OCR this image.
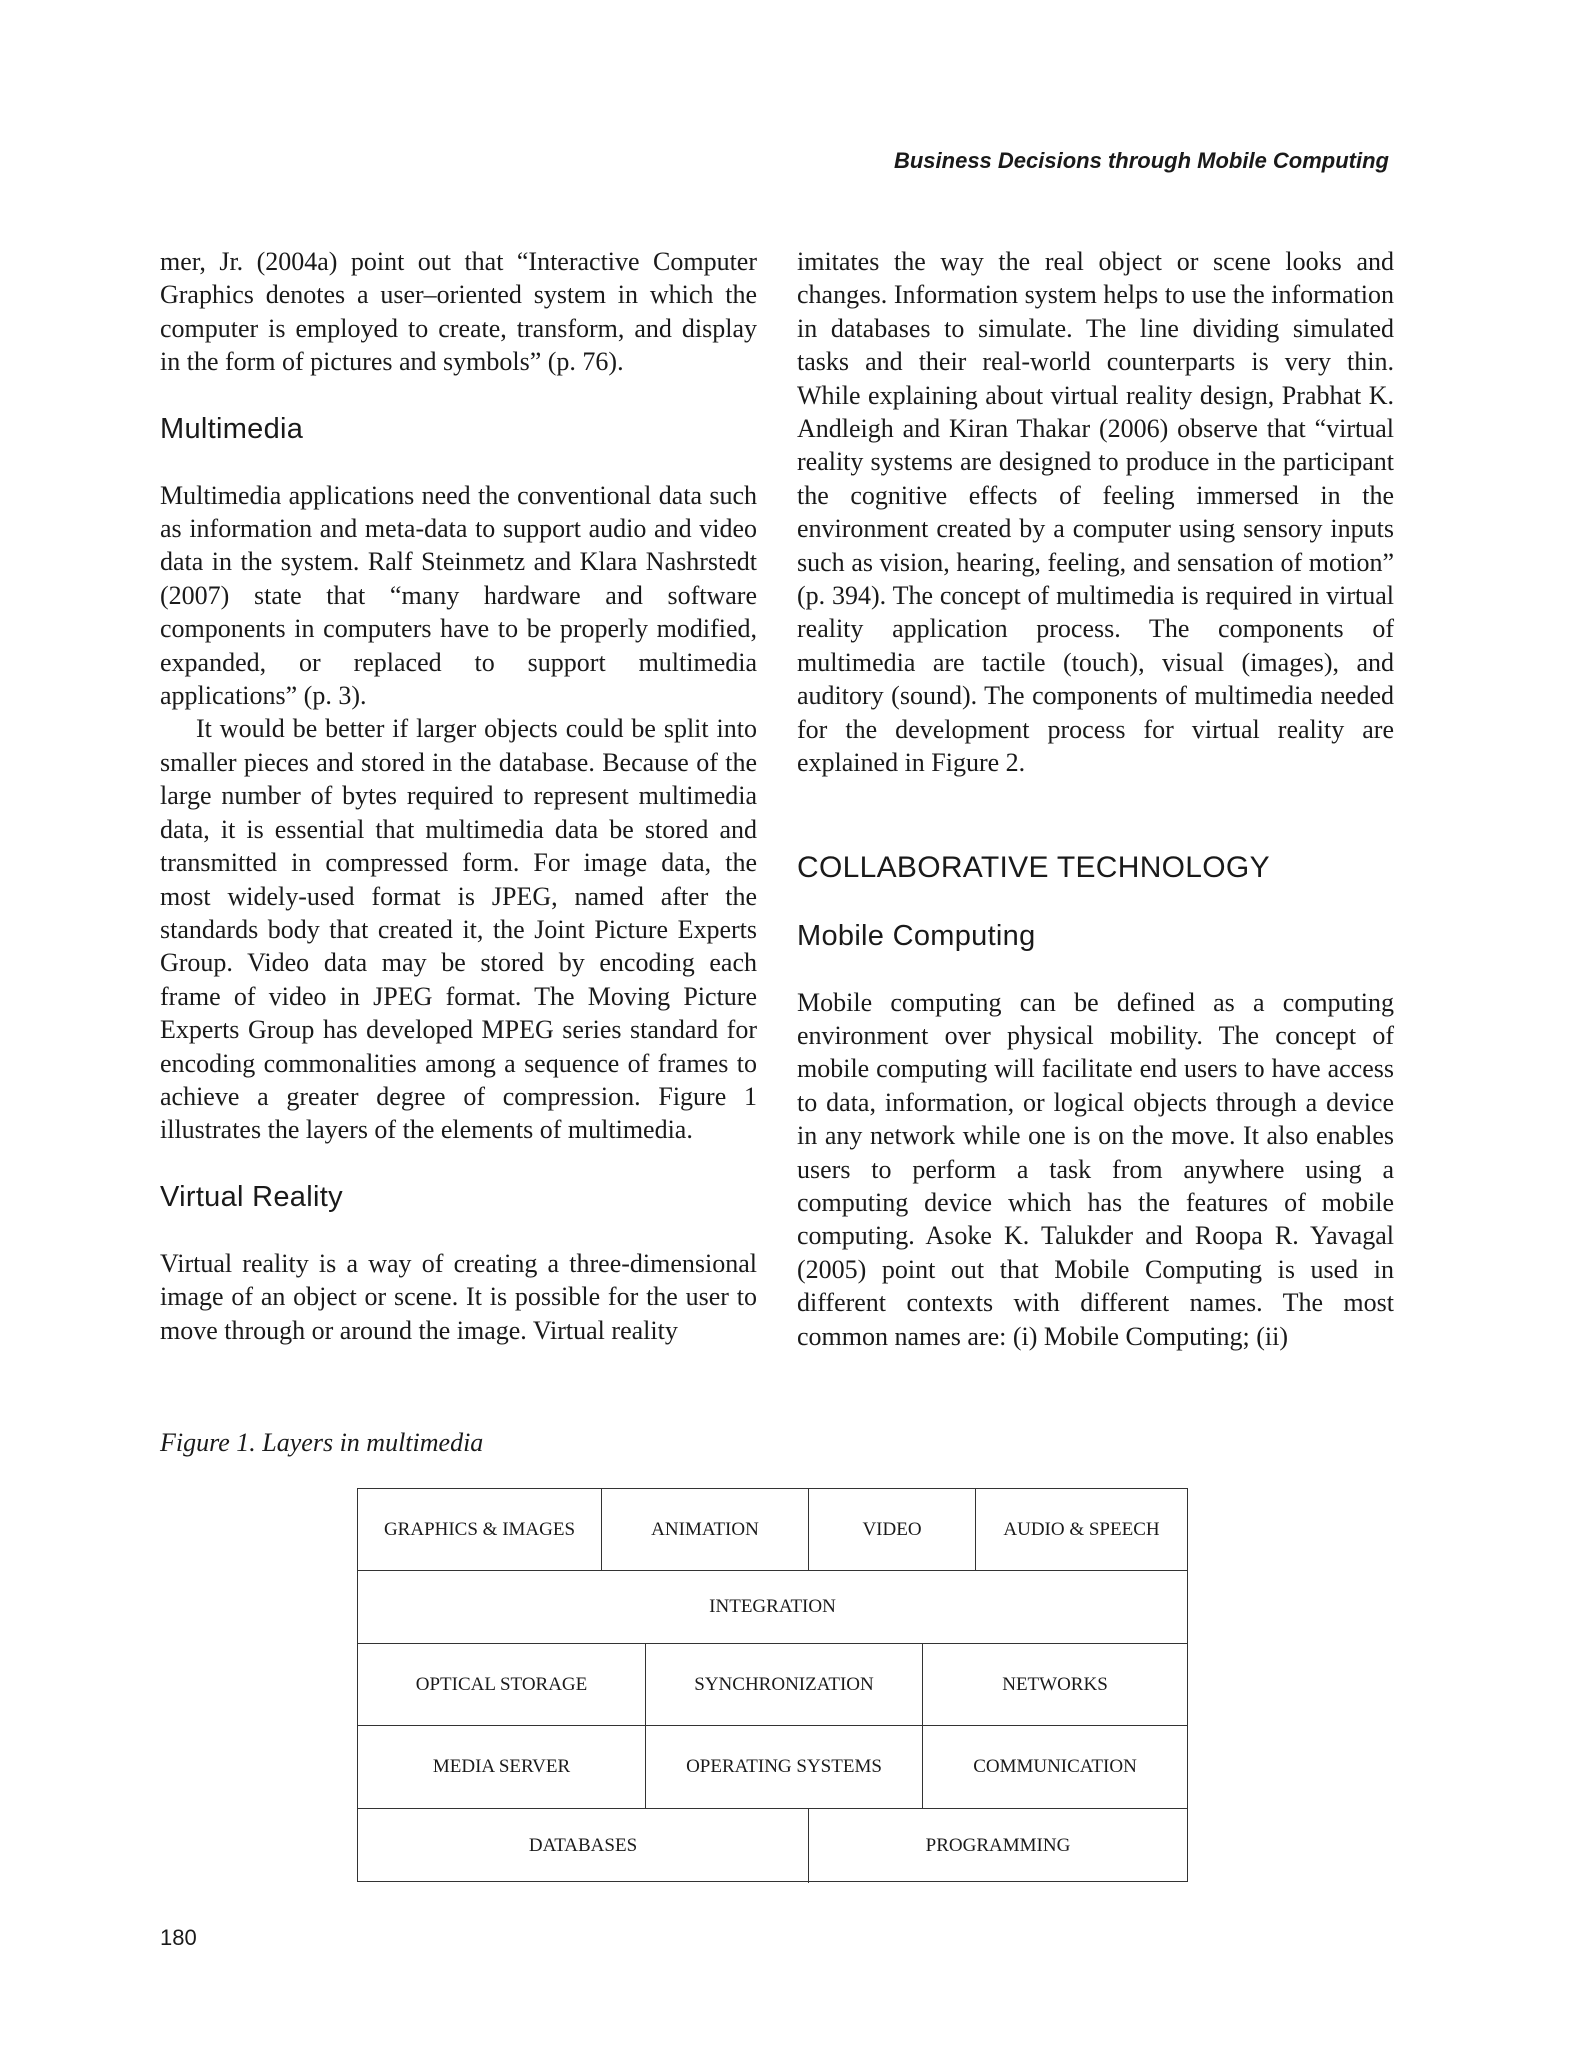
Business Decisions through Mobile Computing

mer, Jr. (2004a) point out that “Interactive Computer Graphics denotes a user–oriented system in which the computer is employed to create, transform, and display in the form of pictures and symbols” (p. 76).

Multimedia

Multimedia applications need the conventional data such as information and meta-data to support audio and video data in the system. Ralf Steinmetz and Klara Nashrstedt (2007) state that “many hardware and software components in computers have to be properly modified, expanded, or replaced to support multimedia applications” (p. 3).

It would be better if larger objects could be split into smaller pieces and stored in the database. Because of the large number of bytes required to represent multimedia data, it is essential that multimedia data be stored and transmitted in compressed form. For image data, the most widely-used format is JPEG, named after the standards body that created it, the Joint Picture Experts Group. Video data may be stored by encoding each frame of video in JPEG format. The Moving Picture Experts Group has developed MPEG series standard for encoding commonalities among a sequence of frames to achieve a greater degree of compression. Figure 1 illustrates the layers of the elements of multimedia.

Virtual Reality

Virtual reality is a way of creating a three-dimensional image of an object or scene. It is possible for the user to move through or around the image. Virtual reality

imitates the way the real object or scene looks and changes. Information system helps to use the information in databases to simulate. The line dividing simulated tasks and their real-world counterparts is very thin. While explaining about virtual reality design, Prabhat K. Andleigh and Kiran Thakar (2006) observe that “virtual reality systems are designed to produce in the participant the cognitive effects of feeling immersed in the environment created by a computer using sensory inputs such as vision, hearing, feeling, and sensation of motion” (p. 394). The concept of multimedia is required in virtual reality application process. The components of multimedia are tactile (touch), visual (images), and auditory (sound). The components of multimedia needed for the development process for virtual reality are explained in Figure 2.

COLLABORATIVE TECHNOLOGY
Mobile Computing

Mobile computing can be defined as a computing environment over physical mobility. The concept of mobile computing will facilitate end users to have access to data, information, or logical objects through a device in any network while one is on the move. It also enables users to perform a task from anywhere using a computing device which has the features of mobile computing. Asoke K. Talukder and Roopa R. Yavagal (2005) point out that Mobile Computing is used in different contexts with different names. The most common names are: (i) Mobile Computing; (ii)

Figure 1. Layers in multimedia
GRAPHICS & IMAGES	ANIMATION	VIDEO	AUDIO & SPEECH
INTEGRATION
OPTICAL STORAGE	SYNCHRONIZATION	NETWORKS
MEDIA SERVER	OPERATING SYSTEMS	COMMUNICATION
DATABASES	PROGRAMMING
180
